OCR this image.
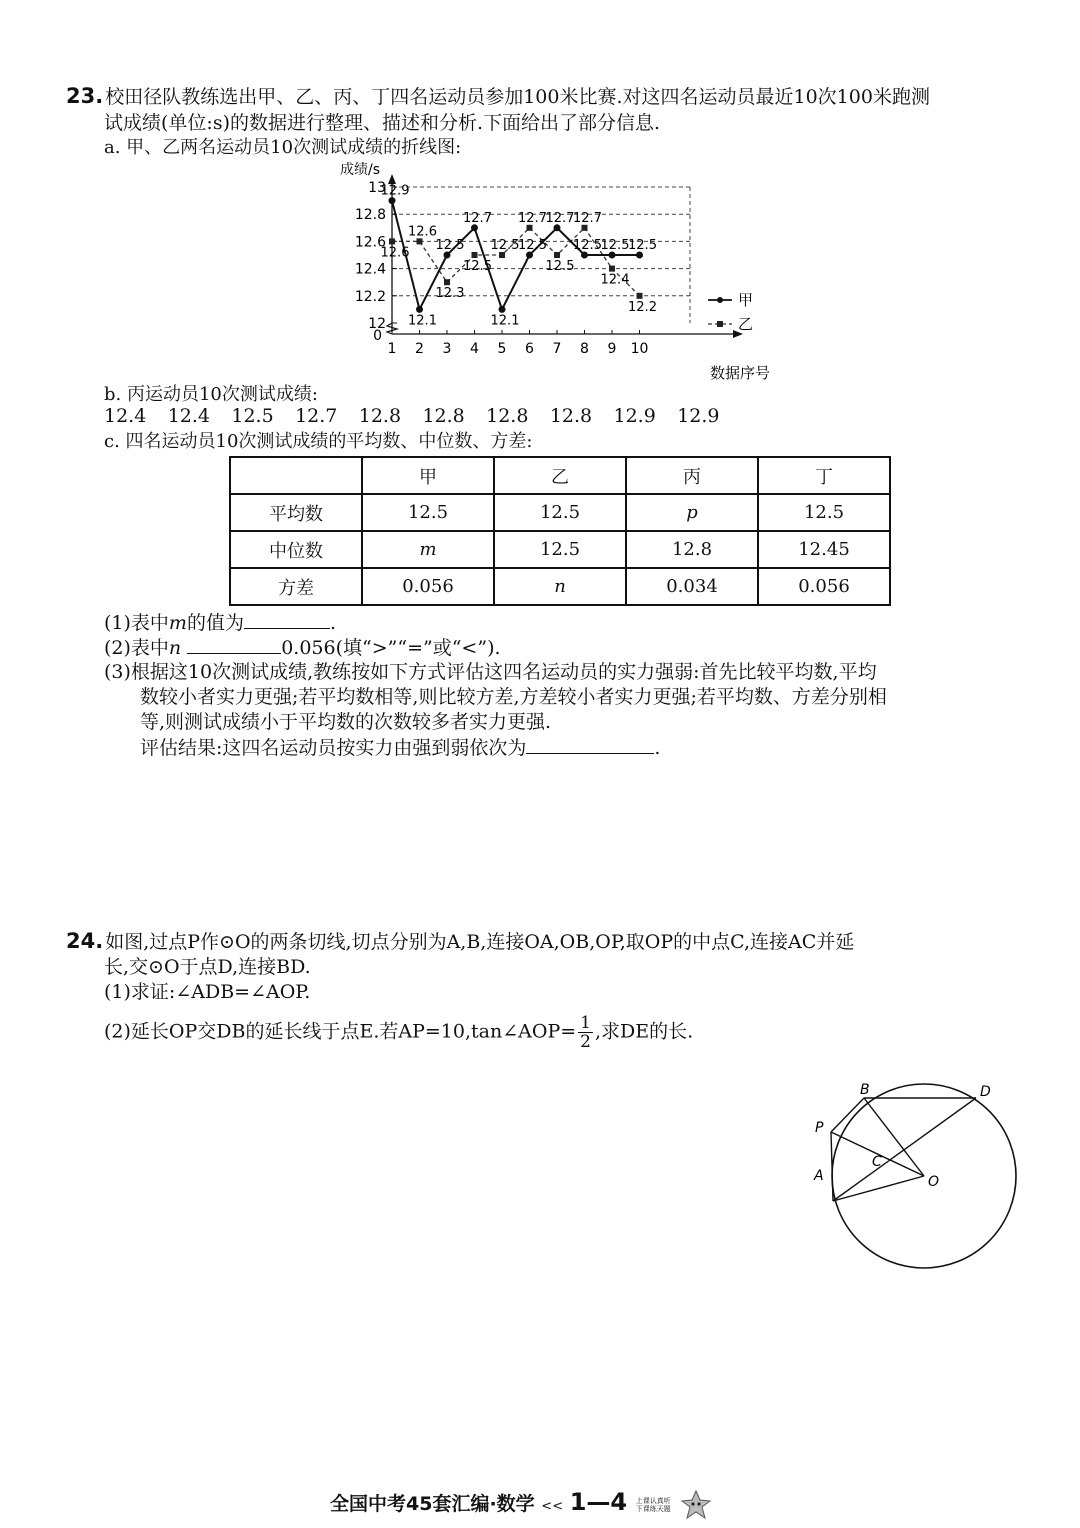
23. 校田径队教练选出甲、乙、丙、丁四名运动员参加100米比赛.对这四名运动员最近10次100米跑测
试成绩(单位:s)的数据进行整理、描述和分析.下面给出了部分信息.
a. 甲、乙两名运动员10次测试成绩的折线图:
13
12.8
12.6
12.4
12.2
12
0
1 2 3 4 5 6 7 8 9 10
12.9
12.1
12.5
12.7
12.1
12.5
12.7
12.5
12.5
12.5
12.6
12.6
12.3
12.5
12.5
12.7
12.5
12.7
12.4
12.2	甲
乙
成绩/s
数据序号
b. 丙运动员10次测试成绩:
12.4 12.4 12.5 12.7 12.8 12.8 12.8 12.8 12.9 12.9
c. 四名运动员10次测试成绩的平均数、中位数、方差:
	甲	乙	丙	丁
平均数	12.5	12.5	p	12.5
中位数	m	12.5	12.8	12.45
方差	0.056	n	0.034	0.056
(1)表中m的值为	.
(2)表中n	0.056(填“>”“=”或“<”).
(3)根据这10次测试成绩,教练按如下方式评估这四名运动员的实力强弱:首先比较平均数,平均
数较小者实力更强;若平均数相等,则比较方差,方差较小者实力更强;若平均数、方差分别相
等,则测试成绩小于平均数的次数较多者实力更强.
评估结果:这四名运动员按实力由强到弱依次为	.
24. 如图,过点P作⊙O的两条切线,切点分别为A,B,连接OA,OB,OP,取OP的中点C,连接AC并延
长,交⊙O于点D,连接BD.
(1)求证:∠ADB=∠AOP.
(2)延长OP交DB的延长线于点E.若AP=10,tan∠AOP= $\frac{1}{2}$ ,求DE的长.
B	D
P
C
A	O
全国中考45套汇编·数学 << 1—4 上课认真听
下课练天题
